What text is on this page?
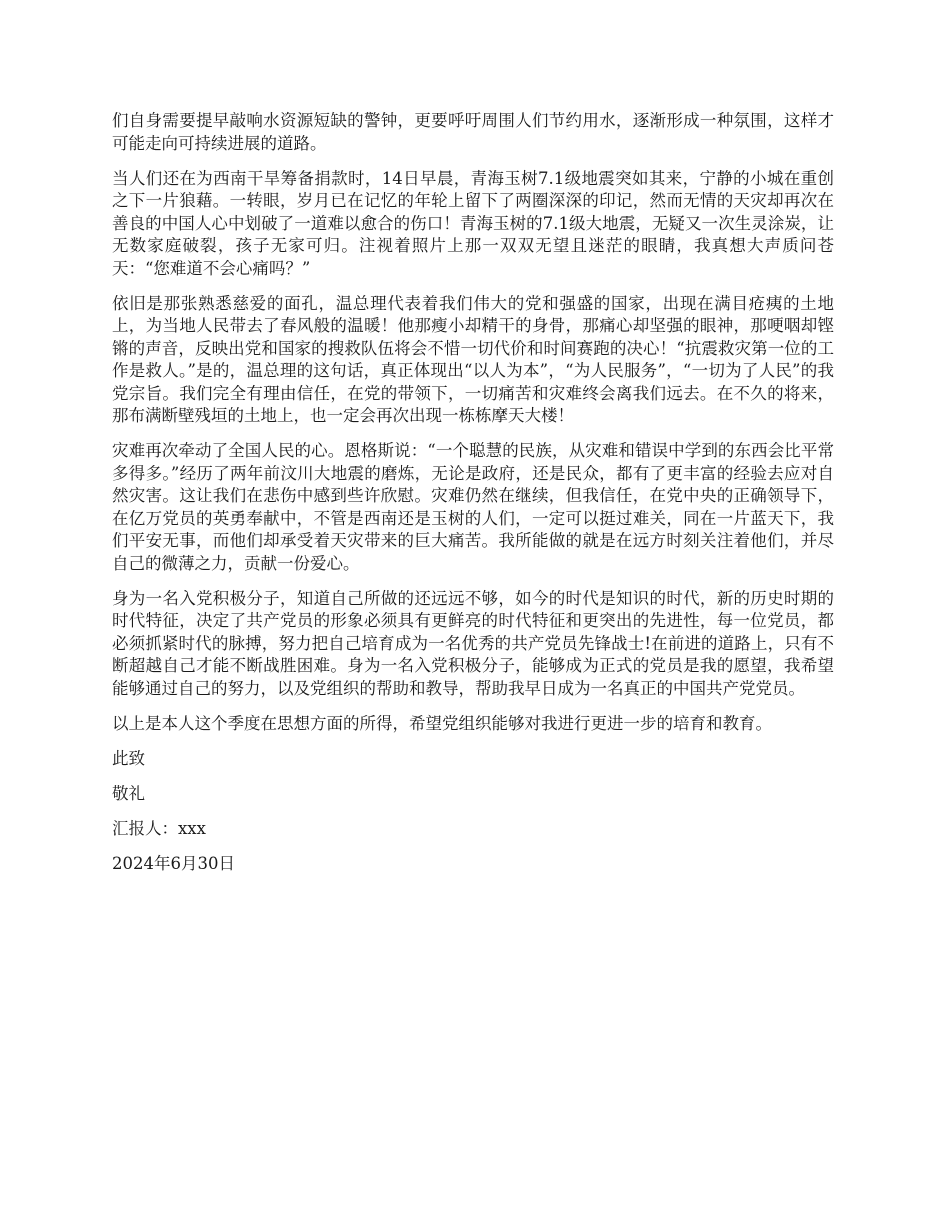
们自身需要提早敲响水资源短缺的警钟，更要呼吁周围人们节约用水，逐渐形成一种氛围，这样才可能走向可持续进展的道路。

当人们还在为西南干旱筹备捐款时，14日早晨，青海玉树7.1级地震突如其来，宁静的小城在重创之下一片狼藉。一转眼，岁月已在记忆的年轮上留下了两圈深深的印记，然而无情的天灾却再次在善良的中国人心中划破了一道难以愈合的伤口！青海玉树的7.1级大地震，无疑又一次生灵涂炭，让无数家庭破裂，孩子无家可归。注视着照片上那一双双无望且迷茫的眼睛，我真想大声质问苍天：“您难道不会心痛吗？”

依旧是那张熟悉慈爱的面孔，温总理代表着我们伟大的党和强盛的国家，出现在满目疮痍的土地上，为当地人民带去了春风般的温暖！他那瘦小却精干的身骨，那痛心却坚强的眼神，那哽咽却铿锵的声音，反映出党和国家的搜救队伍将会不惜一切代价和时间赛跑的决心！“抗震救灾第一位的工作是救人。”是的，温总理的这句话，真正体现出“以人为本”，“为人民服务”，“一切为了人民”的我党宗旨。我们完全有理由信任，在党的带领下，一切痛苦和灾难终会离我们远去。在不久的将来，那布满断壁残垣的土地上，也一定会再次出现一栋栋摩天大楼！

灾难再次牵动了全国人民的心。恩格斯说：“一个聪慧的民族，从灾难和错误中学到的东西会比平常多得多。”经历了两年前汶川大地震的磨炼，无论是政府，还是民众，都有了更丰富的经验去应对自然灾害。这让我们在悲伤中感到些许欣慰。灾难仍然在继续，但我信任，在党中央的正确领导下，在亿万党员的英勇奉献中，不管是西南还是玉树的人们，一定可以挺过难关，同在一片蓝天下，我们平安无事，而他们却承受着天灾带来的巨大痛苦。我所能做的就是在远方时刻关注着他们，并尽自己的微薄之力，贡献一份爱心。

身为一名入党积极分子，知道自己所做的还远远不够，如今的时代是知识的时代，新的历史时期的时代特征，决定了共产党员的形象必须具有更鲜亮的时代特征和更突出的先进性，每一位党员，都必须抓紧时代的脉搏，努力把自己培育成为一名优秀的共产党员先锋战士!在前进的道路上，只有不断超越自己才能不断战胜困难。身为一名入党积极分子，能够成为正式的党员是我的愿望，我希望能够通过自己的努力，以及党组织的帮助和教导，帮助我早日成为一名真正的中国共产党党员。

以上是本人这个季度在思想方面的所得，希望党组织能够对我进行更进一步的培育和教育。

此致

敬礼

汇报人：xxx

2024年6月30日
